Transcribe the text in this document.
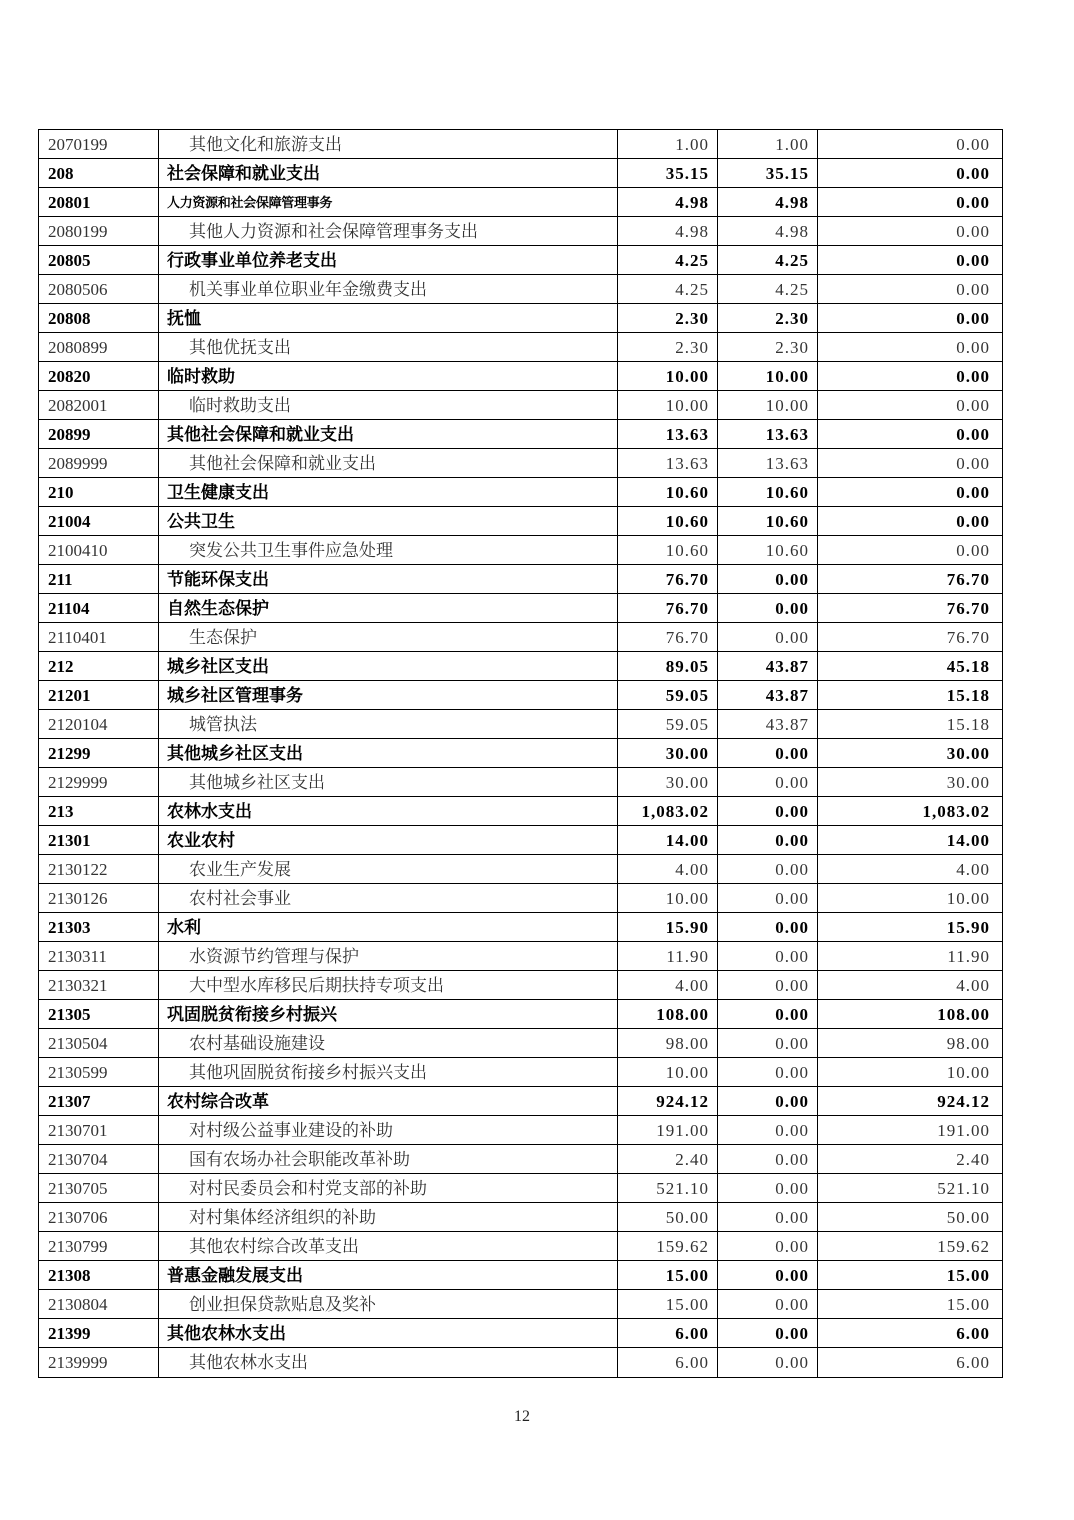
2070199	其他文化和旅游支出	1.00	1.00	0.00
208	社会保障和就业支出	35.15	35.15	0.00
20801	人力资源和社会保障管理事务	4.98	4.98	0.00
2080199	其他人力资源和社会保障管理事务支出	4.98	4.98	0.00
20805	行政事业单位养老支出	4.25	4.25	0.00
2080506	机关事业单位职业年金缴费支出	4.25	4.25	0.00
20808	抚恤	2.30	2.30	0.00
2080899	其他优抚支出	2.30	2.30	0.00
20820	临时救助	10.00	10.00	0.00
2082001	临时救助支出	10.00	10.00	0.00
20899	其他社会保障和就业支出	13.63	13.63	0.00
2089999	其他社会保障和就业支出	13.63	13.63	0.00
210	卫生健康支出	10.60	10.60	0.00
21004	公共卫生	10.60	10.60	0.00
2100410	突发公共卫生事件应急处理	10.60	10.60	0.00
211	节能环保支出	76.70	0.00	76.70
21104	自然生态保护	76.70	0.00	76.70
2110401	生态保护	76.70	0.00	76.70
212	城乡社区支出	89.05	43.87	45.18
21201	城乡社区管理事务	59.05	43.87	15.18
2120104	城管执法	59.05	43.87	15.18
21299	其他城乡社区支出	30.00	0.00	30.00
2129999	其他城乡社区支出	30.00	0.00	30.00
213	农林水支出	1,083.02	0.00	1,083.02
21301	农业农村	14.00	0.00	14.00
2130122	农业生产发展	4.00	0.00	4.00
2130126	农村社会事业	10.00	0.00	10.00
21303	水利	15.90	0.00	15.90
2130311	水资源节约管理与保护	11.90	0.00	11.90
2130321	大中型水库移民后期扶持专项支出	4.00	0.00	4.00
21305	巩固脱贫衔接乡村振兴	108.00	0.00	108.00
2130504	农村基础设施建设	98.00	0.00	98.00
2130599	其他巩固脱贫衔接乡村振兴支出	10.00	0.00	10.00
21307	农村综合改革	924.12	0.00	924.12
2130701	对村级公益事业建设的补助	191.00	0.00	191.00
2130704	国有农场办社会职能改革补助	2.40	0.00	2.40
2130705	对村民委员会和村党支部的补助	521.10	0.00	521.10
2130706	对村集体经济组织的补助	50.00	0.00	50.00
2130799	其他农村综合改革支出	159.62	0.00	159.62
21308	普惠金融发展支出	15.00	0.00	15.00
2130804	创业担保贷款贴息及奖补	15.00	0.00	15.00
21399	其他农林水支出	6.00	0.00	6.00
2139999	其他农林水支出	6.00	0.00	6.00
12
